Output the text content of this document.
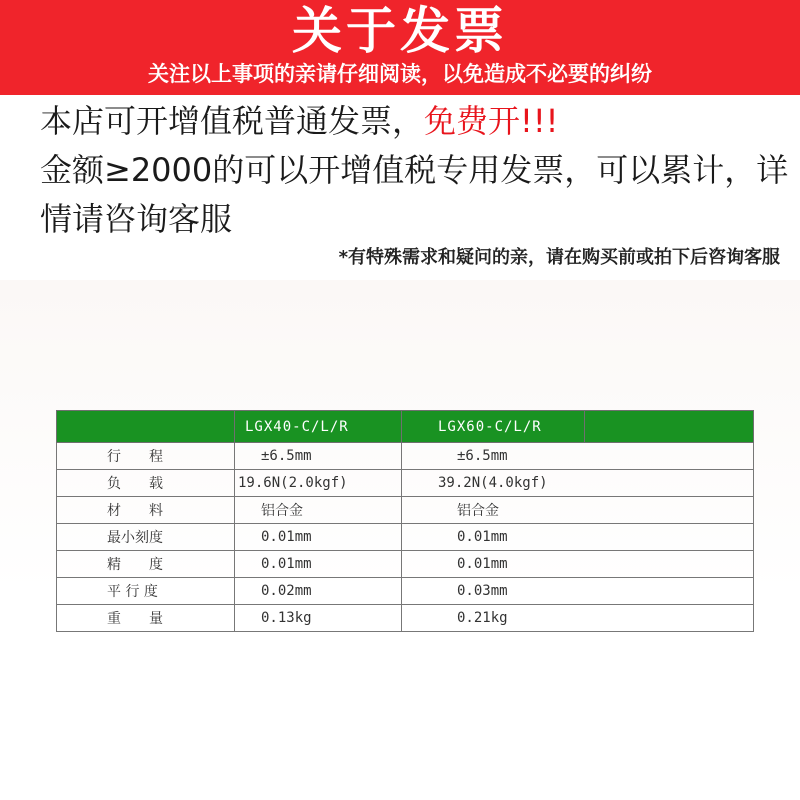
关于发票
关注以上事项的亲请仔细阅读，以免造成不必要的纠纷
本店可开增值税普通发票，免费开!!!
金额≥2000的可以开增值税专用发票，可以累计，详情请咨询客服
*有特殊需求和疑问的亲，请在购买前或拍下后咨询客服
	LGX40-C/L/R	LGX60-C/L/R	
行　　程	±6.5mm	±6.5mm	
负　　载	19.6N(2.0kgf)	39.2N(4.0kgf)	
材　　料	铝合金	铝合金	
最小刻度	0.01mm	0.01mm	
精　　度	0.01mm	0.01mm	
平 行 度	0.02mm	0.03mm	
重　　量	0.13kg	0.21kg	
